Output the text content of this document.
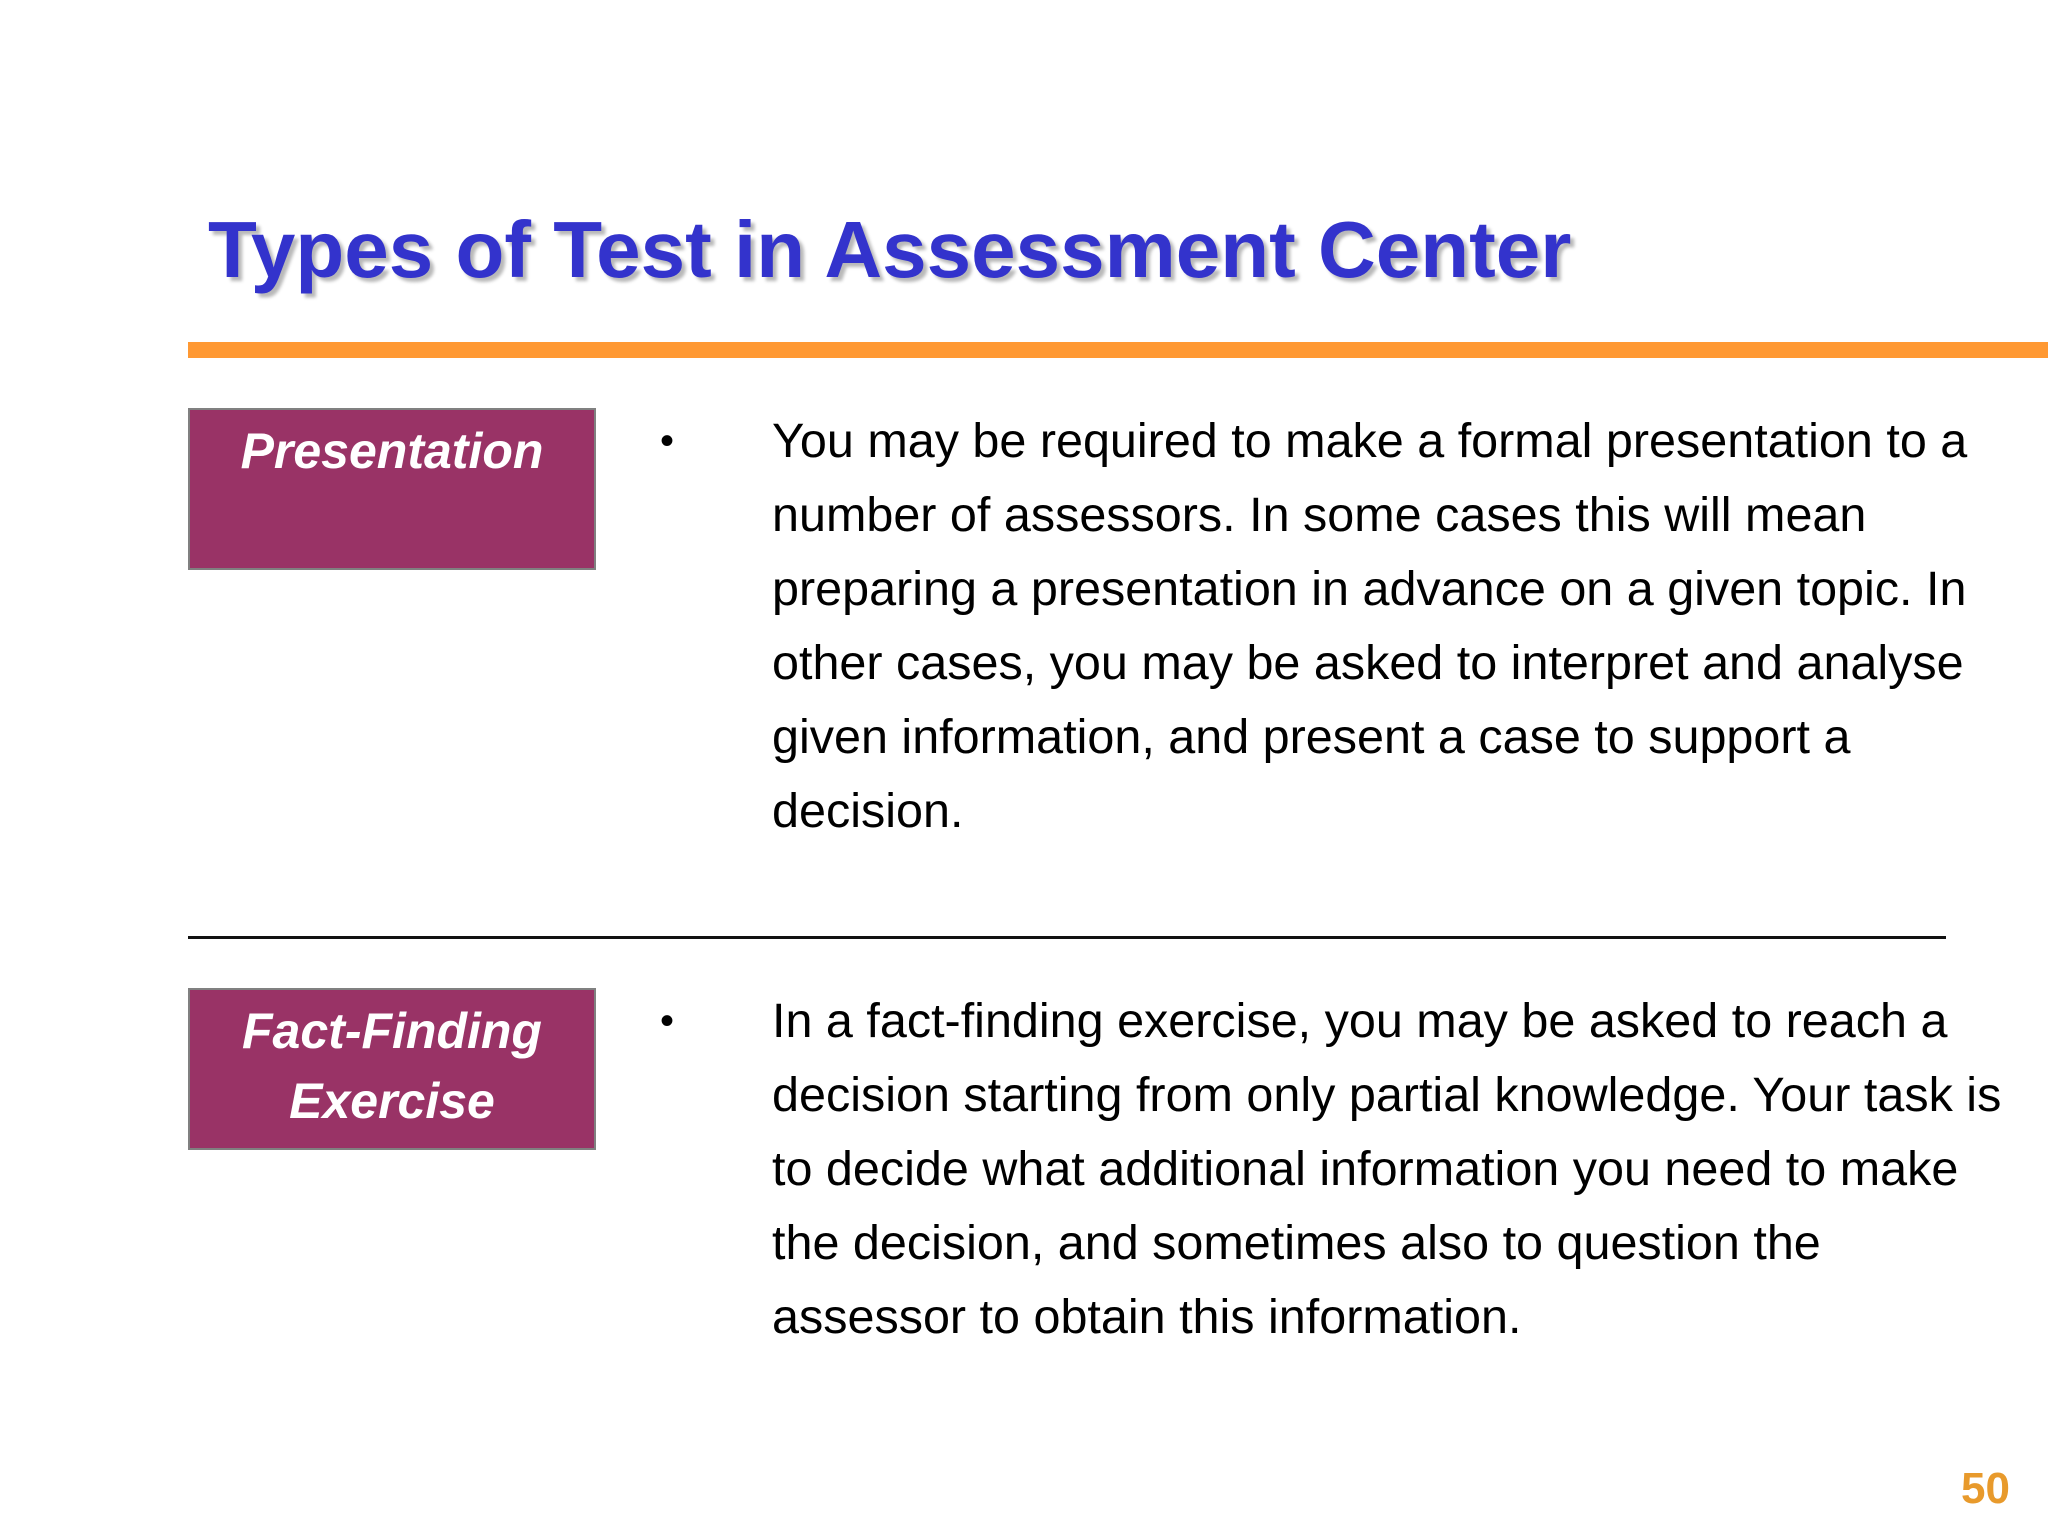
Types of Test in Assessment Center
Presentation	• You may be required to make a formal presentation to a number of assessors. In some cases this will mean preparing a presentation in advance on a given topic. In other cases, you may be asked to interpret and analyse given information, and present a case to support a decision.

Fact-Finding
Exercise
• In a fact-finding exercise, you may be asked to reach a decision starting from only partial knowledge. Your task is to decide what additional information you need to make the decision, and sometimes also to question the assessor to obtain this information.

50
